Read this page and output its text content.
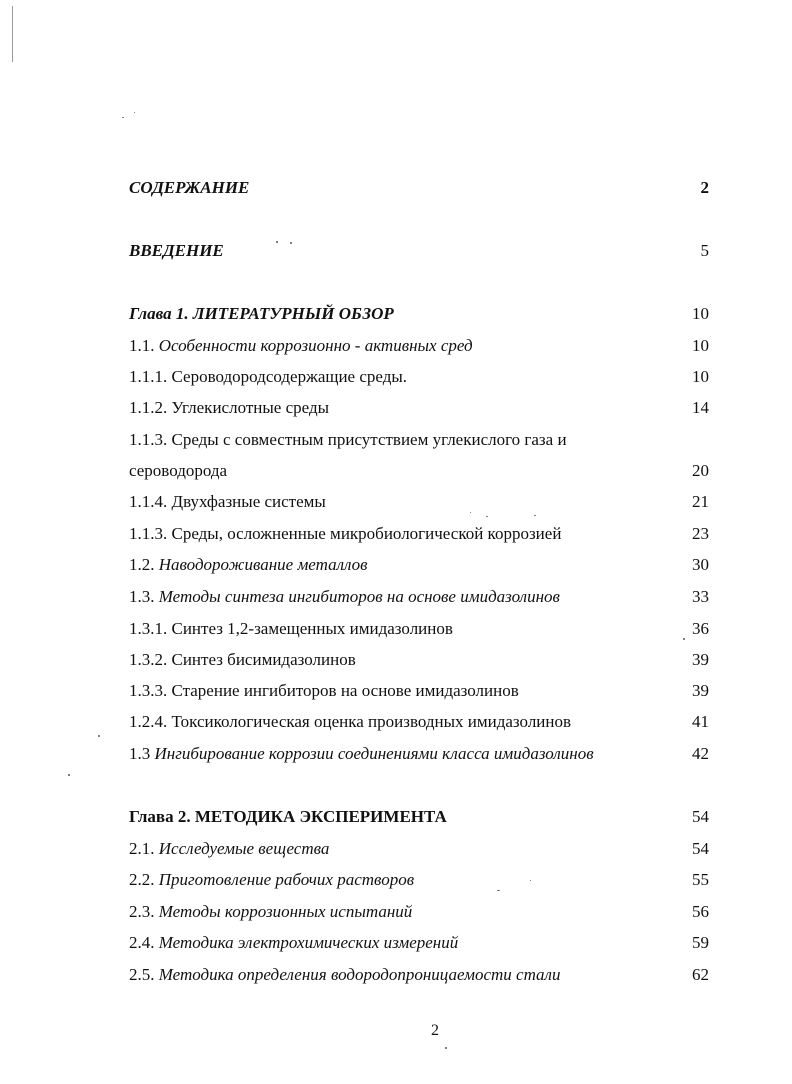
СОДЕРЖАНИЕ	2
ВВЕДЕНИЕ	5
Глава 1. ЛИТЕРАТУРНЫЙ ОБЗОР	10
1.1. Особенности коррозионно - активных сред	10
1.1.1. Сероводородсодержащие среды.	10
1.1.2. Углекислотные среды	14
1.1.3. Среды с совместным присутствием углекислого газа и
сероводорода	20
1.1.4. Двухфазные системы	21
1.1.3. Среды, осложненные микробиологической коррозией	23
1.2. Наводороживание металлов	30
1.3. Методы синтеза ингибиторов на основе имидазолинов	33
1.3.1. Синтез 1,2-замещенных имидазолинов	36
1.3.2. Синтез бисимидазолинов	39
1.3.3. Старение ингибиторов на основе имидазолинов	39
1.2.4. Токсикологическая оценка производных имидазолинов	41
1.3 Ингибирование коррозии соединениями класса имидазолинов	42
Глава 2. МЕТОДИКА ЭКСПЕРИМЕНТА	54
2.1. Исследуемые вещества	54
2.2. Приготовление рабочих растворов	55
2.3. Методы коррозионных испытаний	56
2.4. Методика электрохимических измерений	59
2.5. Методика определения водородопроницаемости стали	62
2
